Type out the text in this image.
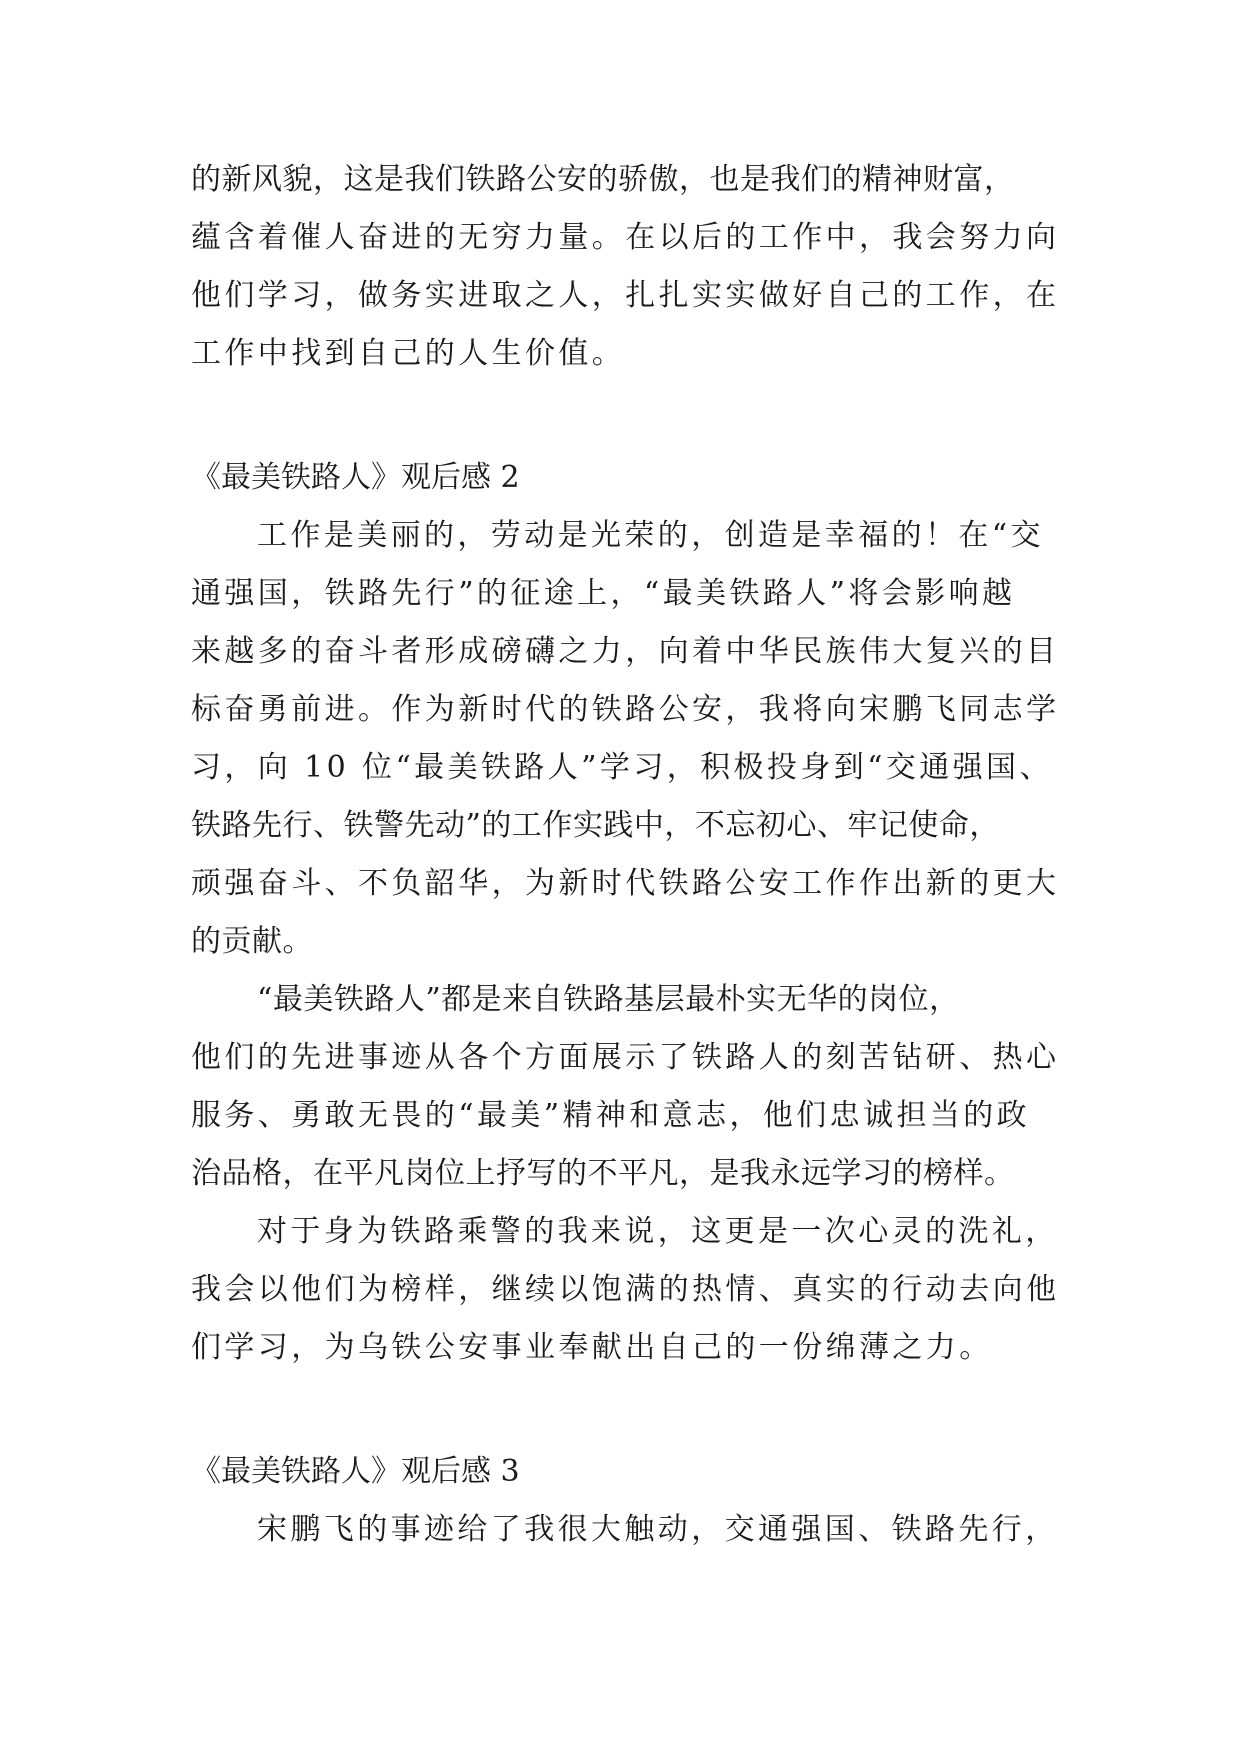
的新风貌，这是我们铁路公安的骄傲，也是我们的精神财富，
蕴含着催人奋进的无穷力量。在以后的工作中，我会努力向
他们学习，做务实进取之人，扎扎实实做好自己的工作，在
工作中找到自己的人生价值。
《最美铁路人》观后感 2
工作是美丽的，劳动是光荣的，创造是幸福的！在“交
通强国，铁路先行”的征途上，“最美铁路人”将会影响越
来越多的奋斗者形成磅礴之力，向着中华民族伟大复兴的目
标奋勇前进。作为新时代的铁路公安，我将向宋鹏飞同志学
习，向 10 位“最美铁路人”学习，积极投身到“交通强国、
铁路先行、铁警先动”的工作实践中，不忘初心、牢记使命，
顽强奋斗、不负韶华，为新时代铁路公安工作作出新的更大
的贡献。
“最美铁路人”都是来自铁路基层最朴实无华的岗位，
他们的先进事迹从各个方面展示了铁路人的刻苦钻研、热心
服务、勇敢无畏的“最美”精神和意志，他们忠诚担当的政
治品格，在平凡岗位上抒写的不平凡，是我永远学习的榜样。
对于身为铁路乘警的我来说，这更是一次心灵的洗礼，
我会以他们为榜样，继续以饱满的热情、真实的行动去向他
们学习，为乌铁公安事业奉献出自己的一份绵薄之力。
《最美铁路人》观后感 3
宋鹏飞的事迹给了我很大触动，交通强国、铁路先行，
